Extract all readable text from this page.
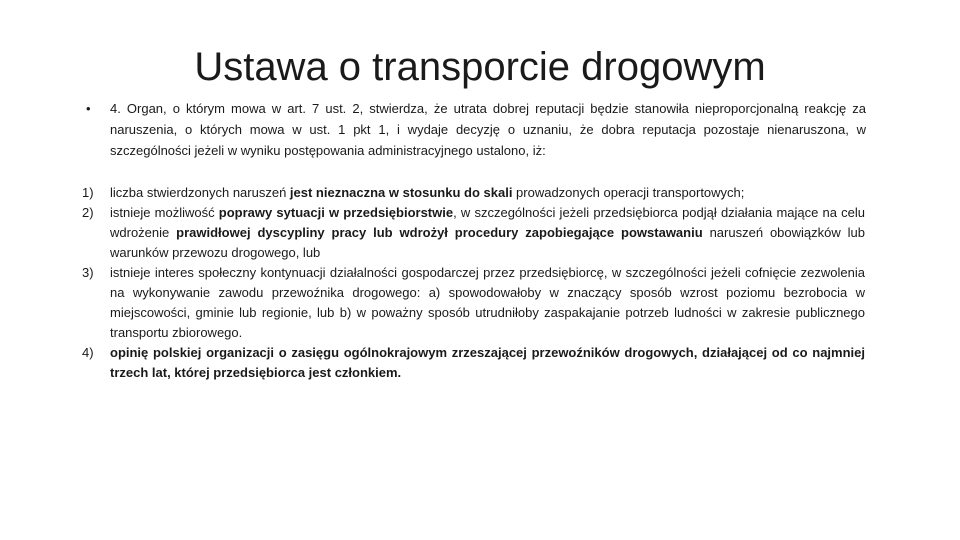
Ustawa o transporcie drogowym
•	4. Organ, o którym mowa w art. 7 ust. 2, stwierdza, że utrata dobrej reputacji będzie stanowiła nieproporcjonalną reakcję za naruszenia, o których mowa w ust. 1 pkt 1, i wydaje decyzję o uznaniu, że dobra reputacja pozostaje nienaruszona, w szczególności jeżeli w wyniku postępowania administracyjnego ustalono, iż:
1)	liczba stwierdzonych naruszeń jest nieznaczna w stosunku do skali prowadzonych operacji transportowych;
2)	istnieje możliwość poprawy sytuacji w przedsiębiorstwie, w szczególności jeżeli przedsiębiorca podjął działania mające na celu wdrożenie prawidłowej dyscypliny pracy lub wdrożył procedury zapobiegające powstawaniu naruszeń obowiązków lub warunków przewozu drogowego, lub
3)	istnieje interes społeczny kontynuacji działalności gospodarczej przez przedsiębiorcę, w szczególności jeżeli cofnięcie zezwolenia na wykonywanie zawodu przewoźnika drogowego: a) spowodowałoby w znaczący sposób wzrost poziomu bezrobocia w miejscowości, gminie lub regionie, lub b) w poważny sposób utrudniłoby zaspakajanie potrzeb ludności w zakresie publicznego transportu zbiorowego.
4)	opinię polskiej organizacji o zasięgu ogólnokrajowym zrzeszającej przewoźników drogowych, działającej od co najmniej trzech lat, której przedsiębiorca jest członkiem.
